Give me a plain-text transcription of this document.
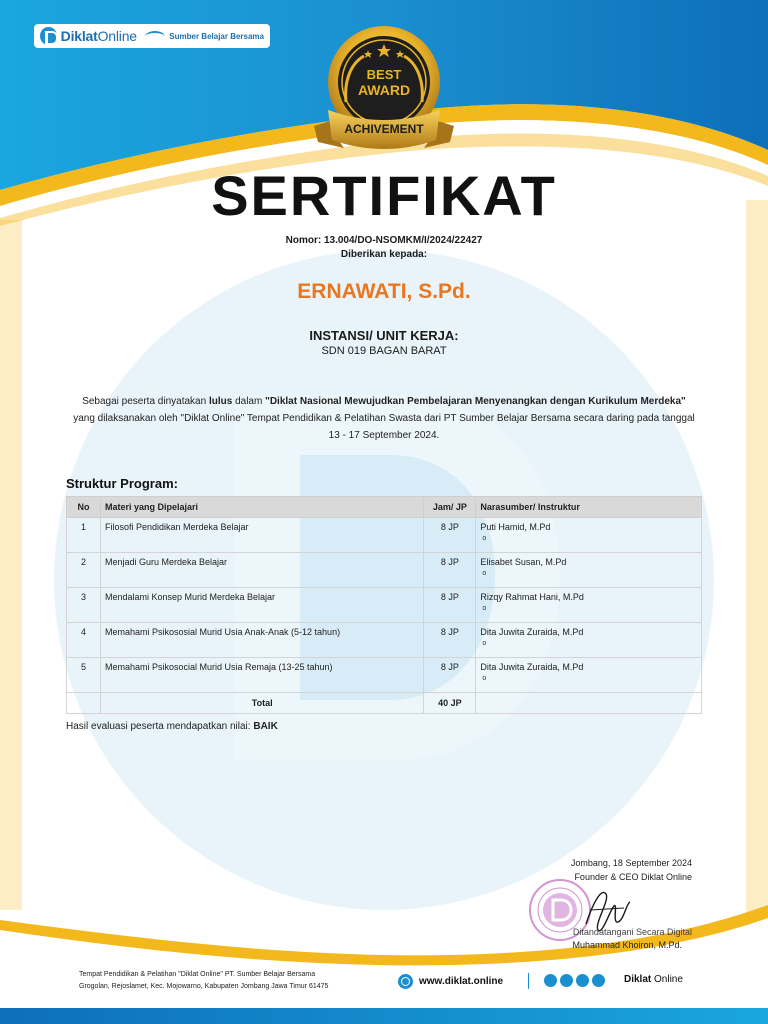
DiklatOnline	Sumber Belajar Bersama
BEST
AWARD
ACHIVEMENT
SERTIFIKAT
Nomor: 13.004/DO-NSOMKM/I/2024/22427
Diberikan kepada:
ERNAWATI, S.Pd.
INSTANSI/ UNIT KERJA:
SDN 019 BAGAN BARAT
Sebagai peserta dinyatakan lulus dalam "Diklat Nasional Mewujudkan Pembelajaran Menyenangkan dengan Kurikulum Merdeka" yang dilaksanakan oleh "Diklat Online" Tempat Pendidikan & Pelatihan Swasta dari PT Sumber Belajar Bersama secara daring pada tanggal 13 - 17 September 2024.
Struktur Program:
No	Materi yang Dipelajari	Jam/ JP	Narasumber/ Instruktur
1	Filosofi Pendidikan Merdeka Belajar	8 JP	Puti Hamid, M.Pd
o

2	Menjadi Guru Merdeka Belajar	8 JP	Elisabet Susan, M.Pd
o

3	Mendalami Konsep Murid Merdeka Belajar	8 JP	Rizqy Rahmat Hani, M.Pd
o

4	Memahami Psikososial Murid Usia Anak-Anak (5-12 tahun)	8 JP	Dita Juwita Zuraida, M.Pd
o

5	Memahami Psikosocial Murid Usia Remaja (13-25 tahun)	8 JP	Dita Juwita Zuraida, M.Pd
o

	Total	40 JP	
Hasil evaluasi peserta mendapatkan nilai: BAIK
Jombang, 18 September 2024
Founder & CEO Diklat Online
Ditandatangani Secara Digital
Muhammad Khoiron, M.Pd.
Tempat Pendidikan & Pelatihan "Diklat Online" PT. Sumber Belajar Bersama
Grogolan, Rejoslamet, Kec. Mojowarno, Kabupaten Jombang Jawa Timur 61475	www.diklat.online	Diklat Online
